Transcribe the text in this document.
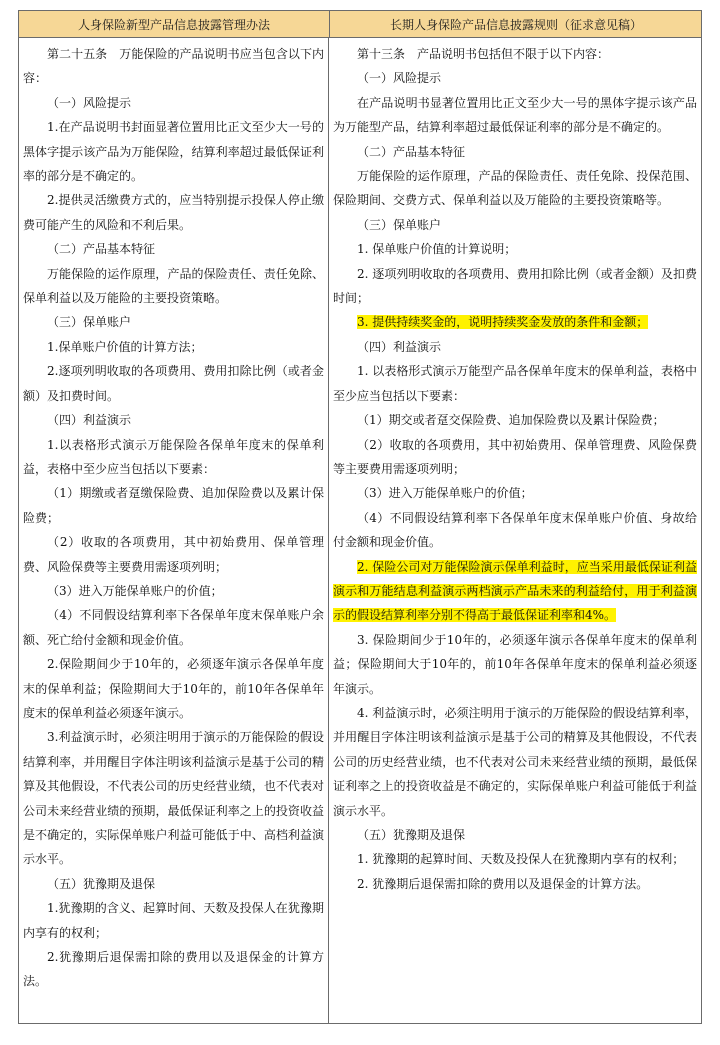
人身保险新型产品信息披露管理办法	长期人身保险产品信息披露规则（征求意见稿）

第二十五条　万能保险的产品说明书应当包含以下内容：

（一）风险提示

1.在产品说明书封面显著位置用比正文至少大一号的黑体字提示该产品为万能保险，结算利率超过最低保证利率的部分是不确定的。

2.提供灵活缴费方式的，应当特别提示投保人停止缴费可能产生的风险和不利后果。

（二）产品基本特征

万能保险的运作原理，产品的保险责任、责任免除、保单利益以及万能险的主要投资策略。

（三）保单账户

1.保单账户价值的计算方法；

2.逐项列明收取的各项费用、费用扣除比例（或者金额）及扣费时间。

（四）利益演示

1.以表格形式演示万能保险各保单年度末的保单利益，表格中至少应当包括以下要素：

（1）期缴或者趸缴保险费、追加保险费以及累计保险费；

（2）收取的各项费用，其中初始费用、保单管理费、风险保费等主要费用需逐项列明；

（3）进入万能保单账户的价值；

（4）不同假设结算利率下各保单年度末保单账户余额、死亡给付金额和现金价值。

2.保险期间少于10年的，必须逐年演示各保单年度末的保单利益；保险期间大于10年的，前10年各保单年度末的保单利益必须逐年演示。

3.利益演示时，必须注明用于演示的万能保险的假设结算利率，并用醒目字体注明该利益演示是基于公司的精算及其他假设，不代表公司的历史经营业绩，也不代表对公司未来经营业绩的预期，最低保证利率之上的投资收益是不确定的，实际保单账户利益可能低于中、高档利益演示水平。

（五）犹豫期及退保

1.犹豫期的含义、起算时间、天数及投保人在犹豫期内享有的权利；

2.犹豫期后退保需扣除的费用以及退保金的计算方法。

第十三条　产品说明书包括但不限于以下内容：

（一）风险提示

在产品说明书显著位置用比正文至少大一号的黑体字提示该产品为万能型产品，结算利率超过最低保证利率的部分是不确定的。

（二）产品基本特征

万能保险的运作原理，产品的保险责任、责任免除、投保范围、保险期间、交费方式、保单利益以及万能险的主要投资策略等。

（三）保单账户

1. 保单账户价值的计算说明；

2. 逐项列明收取的各项费用、费用扣除比例（或者金额）及扣费时间；

3. 提供持续奖金的，说明持续奖金发放的条件和金额；

（四）利益演示

1. 以表格形式演示万能型产品各保单年度末的保单利益，表格中至少应当包括以下要素：

（1）期交或者趸交保险费、追加保险费以及累计保险费；

（2）收取的各项费用，其中初始费用、保单管理费、风险保费等主要费用需逐项列明；

（3）进入万能保单账户的价值；

（4）不同假设结算利率下各保单年度末保单账户价值、身故给付金额和现金价值。

2. 保险公司对万能保险演示保单利益时，应当采用最低保证利益演示和万能结息利益演示两档演示产品未来的利益给付，用于利益演示的假设结算利率分别不得高于最低保证利率和4%。

3. 保险期间少于10年的，必须逐年演示各保单年度末的保单利益；保险期间大于10年的，前10年各保单年度末的保单利益必须逐年演示。

4. 利益演示时，必须注明用于演示的万能保险的假设结算利率，并用醒目字体注明该利益演示是基于公司的精算及其他假设，不代表公司的历史经营业绩，也不代表对公司未来经营业绩的预期，最低保证利率之上的投资收益是不确定的，实际保单账户利益可能低于利益演示水平。

（五）犹豫期及退保

1. 犹豫期的起算时间、天数及投保人在犹豫期内享有的权利；

2. 犹豫期后退保需扣除的费用以及退保金的计算方法。
